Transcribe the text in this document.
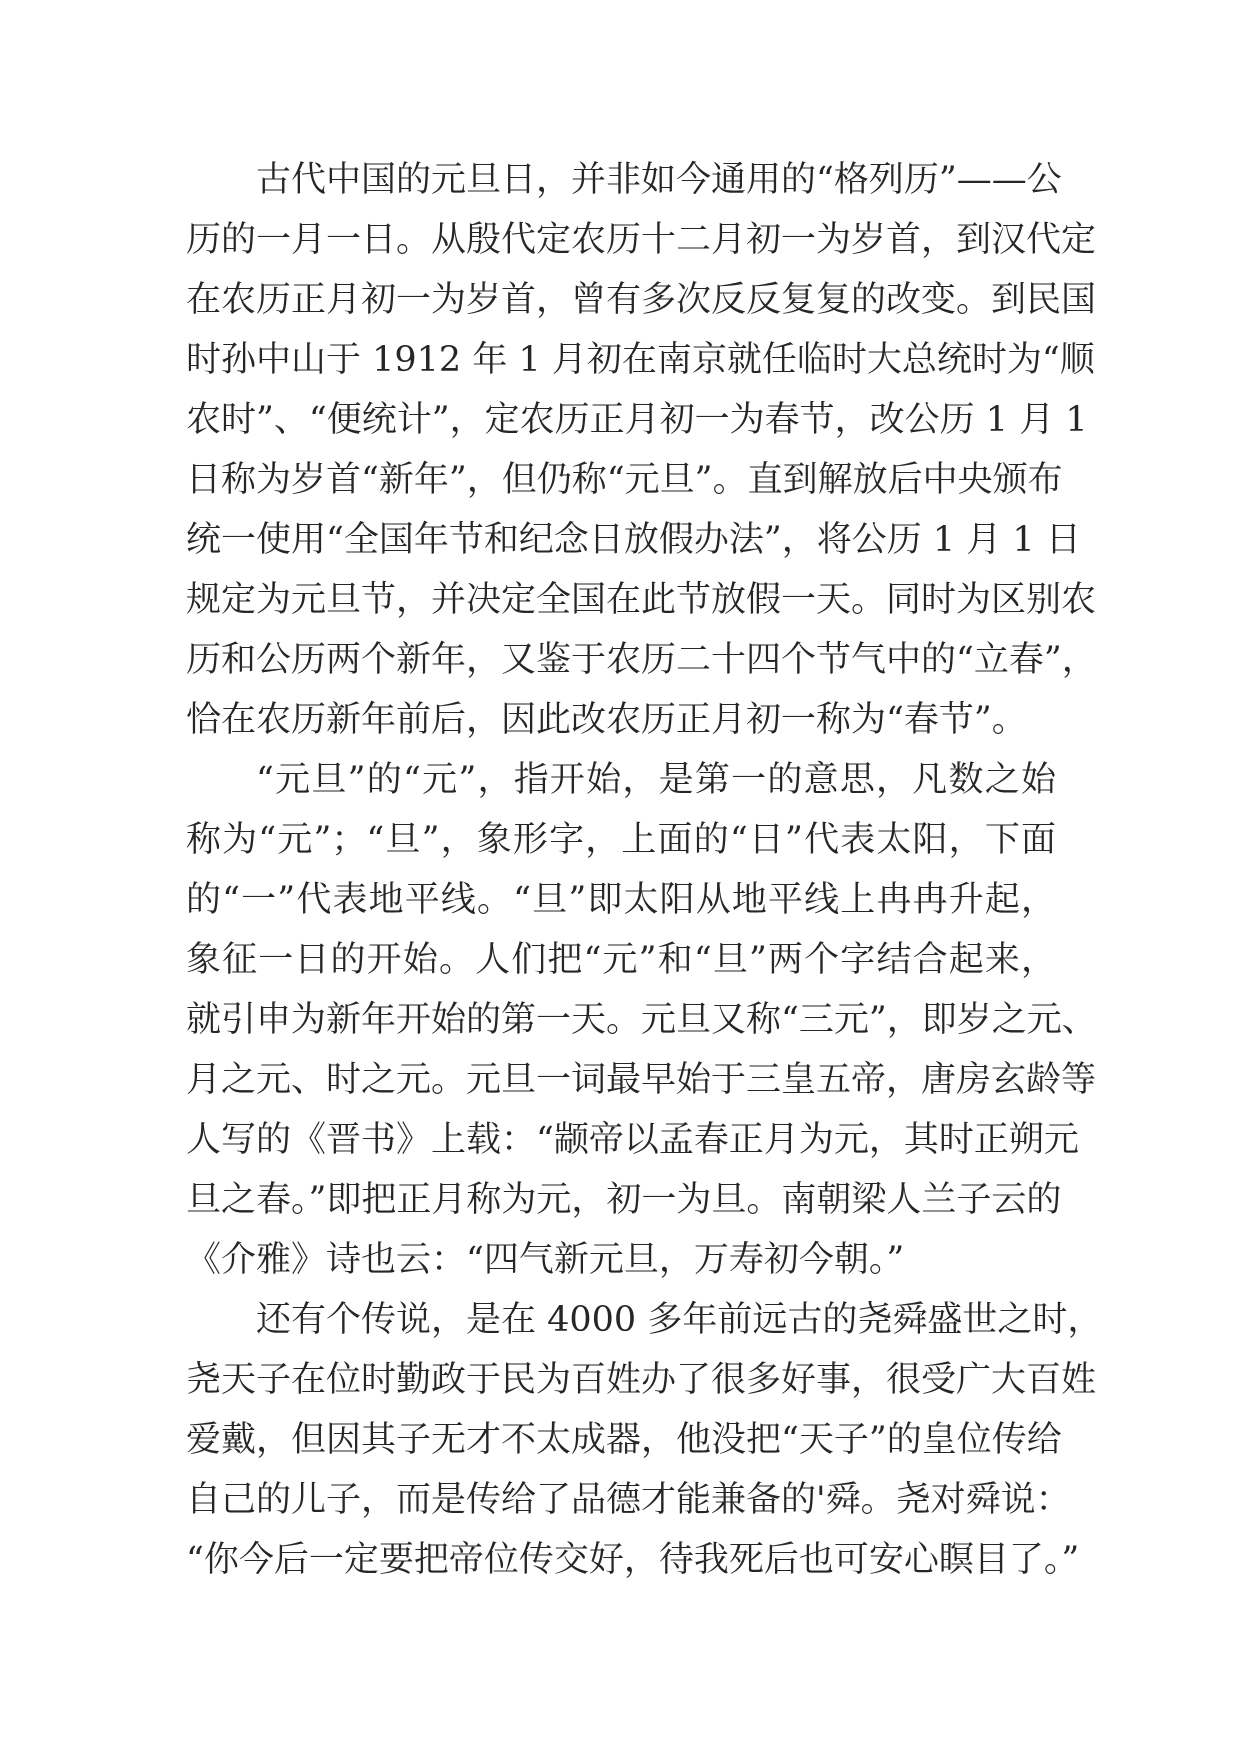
古代中国的元旦日，并非如今通用的“格列历”——公
历的一月一日。从殷代定农历十二月初一为岁首，到汉代定
在农历正月初一为岁首，曾有多次反反复复的改变。到民国
时孙中山于 1912 年 1 月初在南京就任临时大总统时为“顺
农时”、“便统计”，定农历正月初一为春节，改公历 1 月 1
日称为岁首“新年”，但仍称“元旦”。直到解放后中央颁布
统一使用“全国年节和纪念日放假办法”，将公历 1 月 1 日
规定为元旦节，并决定全国在此节放假一天。同时为区别农
历和公历两个新年，又鉴于农历二十四个节气中的“立春”，
恰在农历新年前后，因此改农历正月初一称为“春节”。
“元旦”的“元”，指开始，是第一的意思，凡数之始
称为“元”；“旦”，象形字，上面的“日”代表太阳，下面
的“一”代表地平线。“旦”即太阳从地平线上冉冉升起，
象征一日的开始。人们把“元”和“旦”两个字结合起来，
就引申为新年开始的第一天。元旦又称“三元”，即岁之元、
月之元、时之元。元旦一词最早始于三皇五帝，唐房玄龄等
人写的《晋书》上载：“颛帝以孟春正月为元，其时正朔元
旦之春。”即把正月称为元，初一为旦。南朝梁人兰子云的
《介雅》诗也云：“四气新元旦，万寿初今朝。”
还有个传说，是在 4000 多年前远古的尧舜盛世之时，
尧天子在位时勤政于民为百姓办了很多好事，很受广大百姓
爱戴，但因其子无才不太成器，他没把“天子”的皇位传给
自己的儿子，而是传给了品德才能兼备的'舜。尧对舜说：
“你今后一定要把帝位传交好，待我死后也可安心瞑目了。”
